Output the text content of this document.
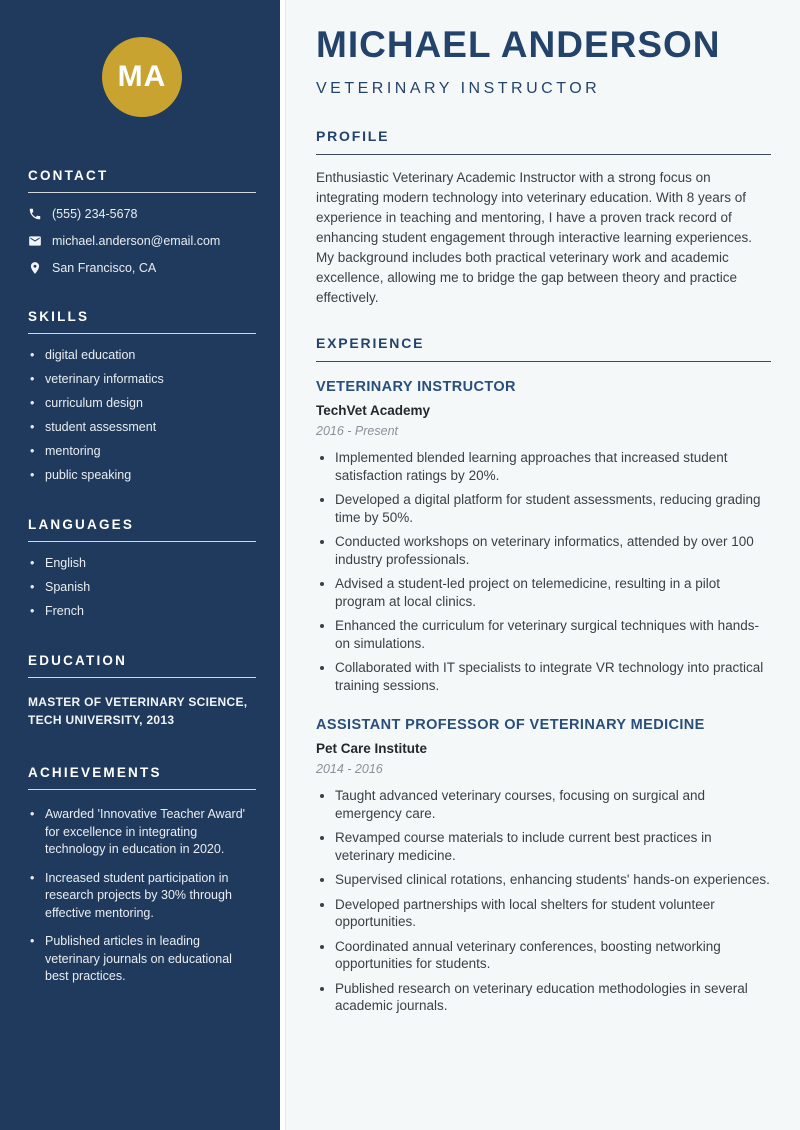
MA
CONTACT
(555) 234-5678
michael.anderson@email.com
San Francisco, CA
SKILLS
• digital education
• veterinary informatics
• curriculum design
• student assessment
• mentoring
• public speaking
LANGUAGES
• English
• Spanish
• French
EDUCATION

MASTER OF VETERINARY SCIENCE, TECH UNIVERSITY, 2013

ACHIEVEMENTS
• Awarded 'Innovative Teacher Award' for excellence in integrating technology in education in 2020.
• Increased student participation in research projects by 30% through effective mentoring.
• Published articles in leading veterinary journals on educational best practices.
MICHAEL ANDERSON
VETERINARY INSTRUCTOR
PROFILE

Enthusiastic Veterinary Academic Instructor with a strong focus on integrating modern technology into veterinary education. With 8 years of experience in teaching and mentoring, I have a proven track record of enhancing student engagement through interactive learning experiences. My background includes both practical veterinary work and academic excellence, allowing me to bridge the gap between theory and practice effectively.

EXPERIENCE
VETERINARY INSTRUCTOR
TechVet Academy
2016 - Present
• Implemented blended learning approaches that increased student satisfaction ratings by 20%.
• Developed a digital platform for student assessments, reducing grading time by 50%.
• Conducted workshops on veterinary informatics, attended by over 100 industry professionals.
• Advised a student-led project on telemedicine, resulting in a pilot program at local clinics.
• Enhanced the curriculum for veterinary surgical techniques with hands-on simulations.
• Collaborated with IT specialists to integrate VR technology into practical training sessions.
ASSISTANT PROFESSOR OF VETERINARY MEDICINE
Pet Care Institute
2014 - 2016
• Taught advanced veterinary courses, focusing on surgical and emergency care.
• Revamped course materials to include current best practices in veterinary medicine.
• Supervised clinical rotations, enhancing students' hands-on experiences.
• Developed partnerships with local shelters for student volunteer opportunities.
• Coordinated annual veterinary conferences, boosting networking opportunities for students.
• Published research on veterinary education methodologies in several academic journals.
